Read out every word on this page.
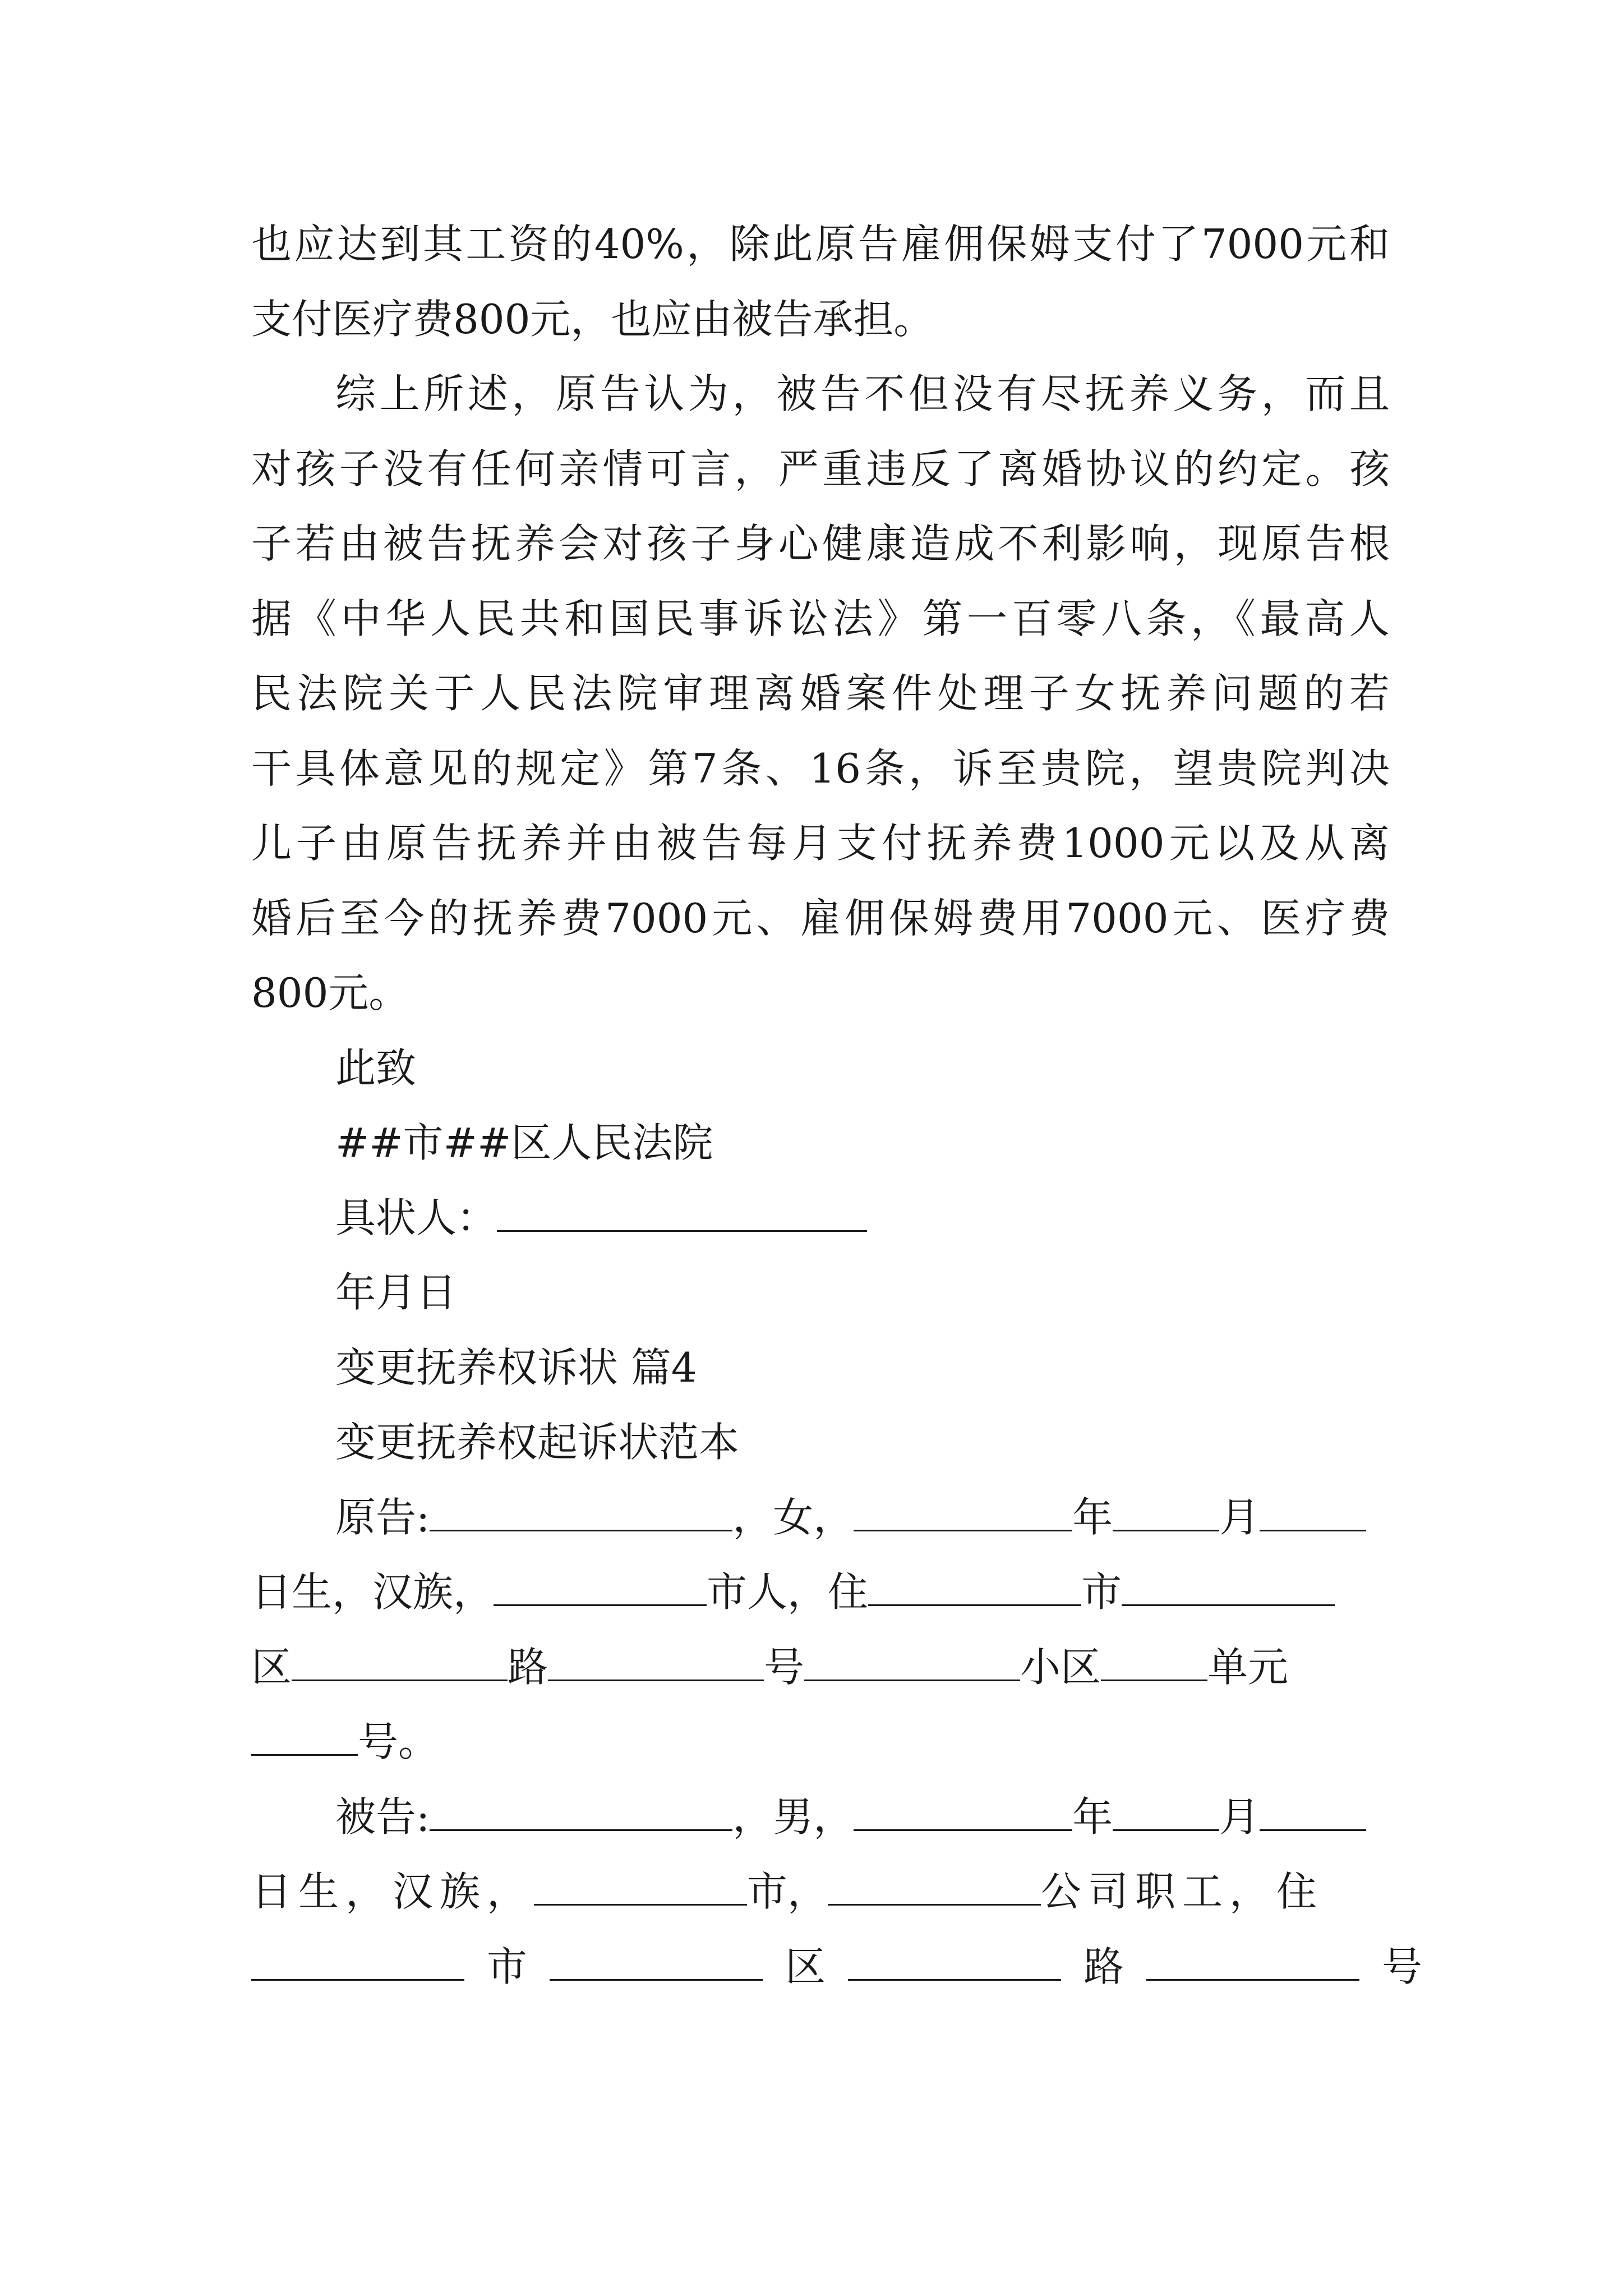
也应达到其工资的40%，除此原告雇佣保姆支付了7000元和
支付医疗费800元，也应由被告承担。
综上所述，原告认为，被告不但没有尽抚养义务，而且
对孩子没有任何亲情可言，严重违反了离婚协议的约定。孩
子若由被告抚养会对孩子身心健康造成不利影响，现原告根
据《中华人民共和国民事诉讼法》第一百零八条，《最高人
民法院关于人民法院审理离婚案件处理子女抚养问题的若
干具体意见的规定》第7条、16条，诉至贵院，望贵院判决
儿子由原告抚养并由被告每月支付抚养费1000元以及从离
婚后至今的抚养费7000元、雇佣保姆费用7000元、医疗费
800元。
此致
##市##区人民法院
具状人：
年月日
变更抚养权诉状 篇4
变更抚养权起诉状范本
原告:	，女，	年	月
日生，汉族，	市人，住	市
区	路	号	小区	单元
号。
被告:	，男，	年	月
日生，汉族，	市，	公司职工，住
市	区	路	号
